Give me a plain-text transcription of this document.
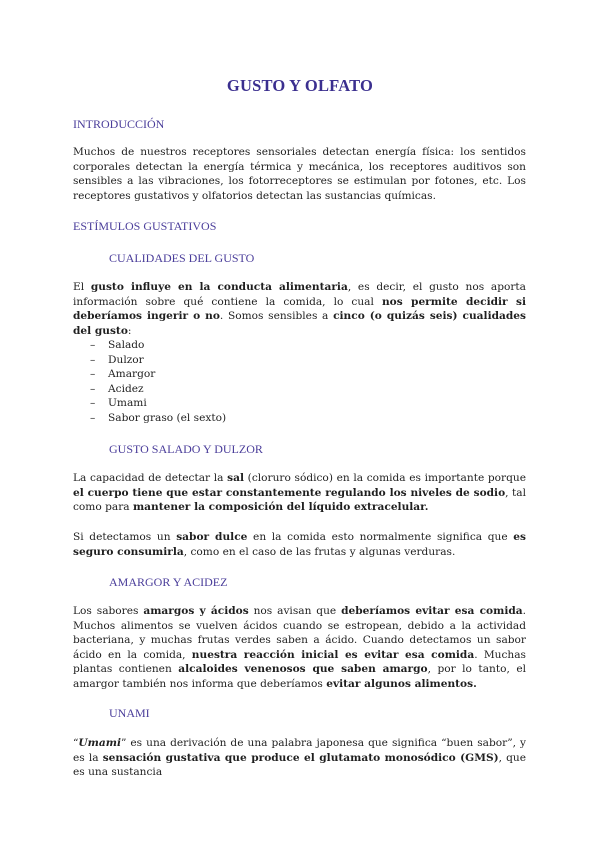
GUSTO Y OLFATO
INTRODUCCIÓN
Muchos de nuestros receptores sensoriales detectan energía física: los sentidos corporales detectan la energía térmica y mecánica, los receptores auditivos son sensibles a las vibraciones, los fotorreceptores se estimulan por fotones, etc. Los receptores gustativos y olfatorios detectan las sustancias químicas.
ESTÍMULOS GUSTATIVOS
CUALIDADES DEL GUSTO
El gusto influye en la conducta alimentaria, es decir, el gusto nos aporta información sobre qué contiene la comida, lo cual nos permite decidir si deberíamos ingerir o no. Somos sensibles a cinco (o quizás seis) cualidades del gusto:
– Salado
– Dulzor
– Amargor
– Acidez
– Umami
– Sabor graso (el sexto)
GUSTO SALADO Y DULZOR
La capacidad de detectar la sal (cloruro sódico) en la comida es importante porque el cuerpo tiene que estar constantemente regulando los niveles de sodio, tal como para mantener la composición del líquido extracelular.
Si detectamos un sabor dulce en la comida esto normalmente significa que es seguro consumirla, como en el caso de las frutas y algunas verduras.
AMARGOR Y ACIDEZ
Los sabores amargos y ácidos nos avisan que deberíamos evitar esa comida. Muchos alimentos se vuelven ácidos cuando se estropean, debido a la actividad bacteriana, y muchas frutas verdes saben a ácido. Cuando detectamos un sabor ácido en la comida, nuestra reacción inicial es evitar esa comida. Muchas plantas contienen alcaloides venenosos que saben amargo, por lo tanto, el amargor también nos informa que deberíamos evitar algunos alimentos.
UNAMI
“Umami” es una derivación de una palabra japonesa que significa “buen sabor”, y es la sensación gustativa que produce el glutamato monosódico (GMS), que es una sustancia
